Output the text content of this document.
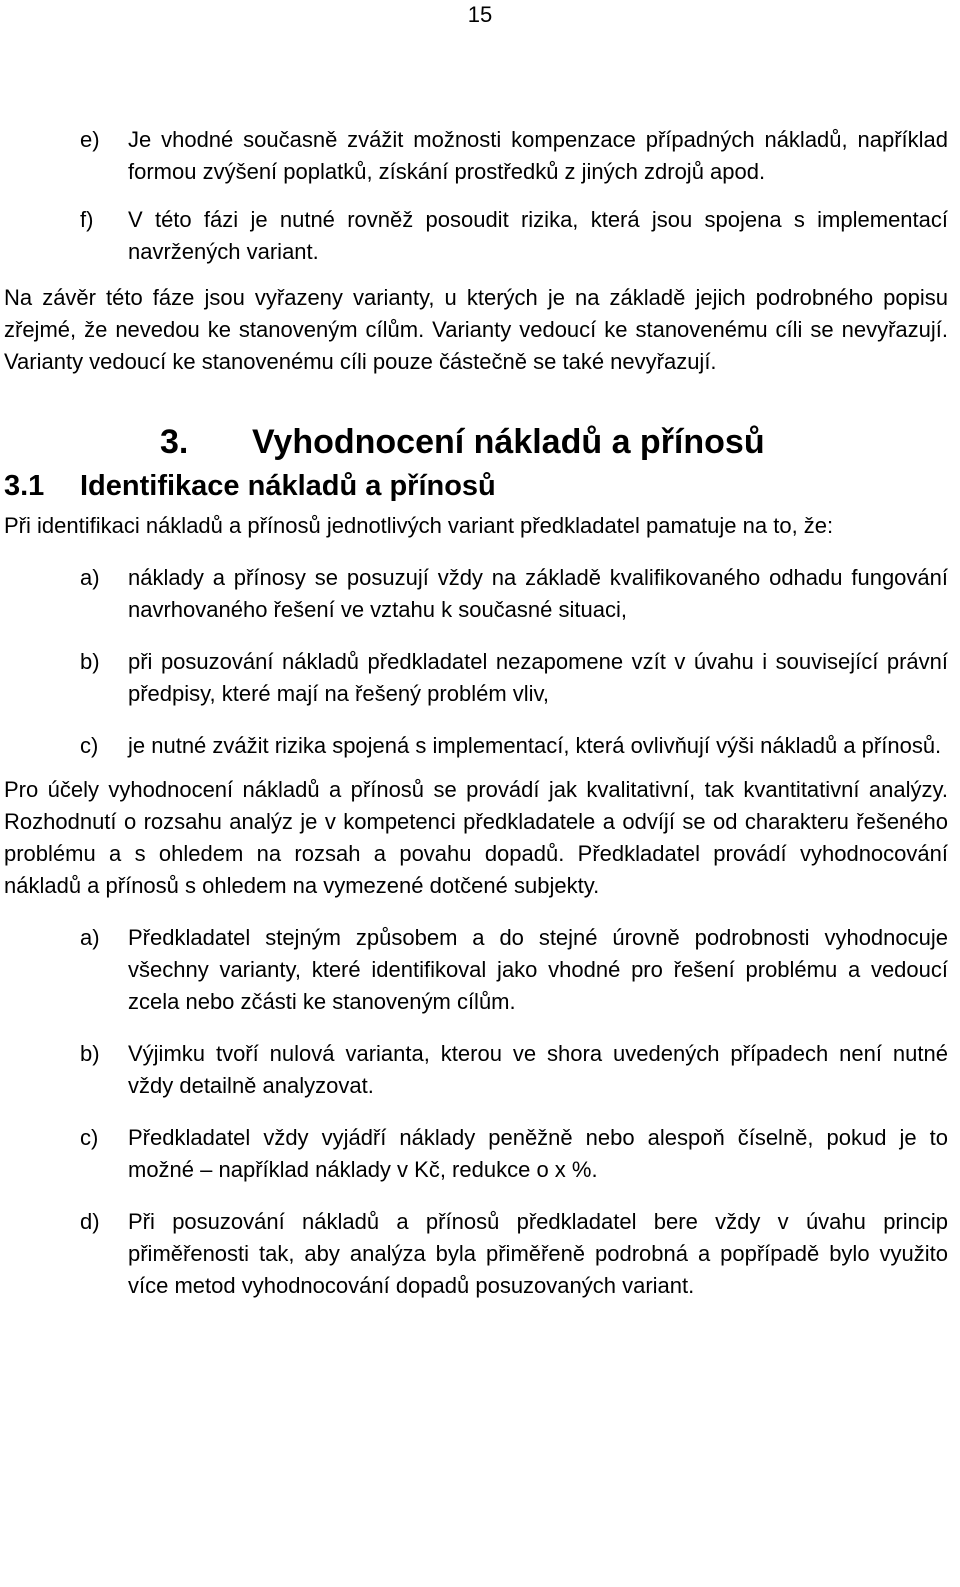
15

e) Je vhodné současně zvážit možnosti kompenzace případných nákladů, například formou zvýšení poplatků, získání prostředků z jiných zdrojů apod.

f) V této fázi je nutné rovněž posoudit rizika, která jsou spojena s implementací navržených variant.

Na závěr této fáze jsou vyřazeny varianty, u kterých je na základě jejich podrobného popisu zřejmé, že nevedou ke stanoveným cílům. Varianty vedoucí ke stanovenému cíli se nevyřazují. Varianty vedoucí ke stanovenému cíli pouze částečně se také nevyřazují.

3. Vyhodnocení nákladů a přínosů
3.1 Identifikace nákladů a přínosů

Při identifikaci nákladů a přínosů jednotlivých variant předkladatel pamatuje na to, že:

a) náklady a přínosy se posuzují vždy na základě kvalifikovaného odhadu fungování navrhovaného řešení ve vztahu k současné situaci,

b) při posuzování nákladů předkladatel nezapomene vzít v úvahu i související právní předpisy, které mají na řešený problém vliv,

c) je nutné zvážit rizika spojená s implementací, která ovlivňují výši nákladů a přínosů.

Pro účely vyhodnocení nákladů a přínosů se provádí jak kvalitativní, tak kvantitativní analýzy. Rozhodnutí o rozsahu analýz je v kompetenci předkladatele a odvíjí se od charakteru řešeného problému a s ohledem na rozsah a povahu dopadů. Předkladatel provádí vyhodnocování nákladů a přínosů s ohledem na vymezené dotčené subjekty.

a) Předkladatel stejným způsobem a do stejné úrovně podrobnosti vyhodnocuje všechny varianty, které identifikoval jako vhodné pro řešení problému a vedoucí zcela nebo zčásti ke stanoveným cílům.

b) Výjimku tvoří nulová varianta, kterou ve shora uvedených případech není nutné vždy detailně analyzovat.

c) Předkladatel vždy vyjádří náklady peněžně nebo alespoň číselně, pokud je to možné – například náklady v Kč, redukce o x %.

d) Při posuzování nákladů a přínosů předkladatel bere vždy v úvahu princip přiměřenosti tak, aby analýza byla přiměřeně podrobná a popřípadě bylo využito více metod vyhodnocování dopadů posuzovaných variant.
